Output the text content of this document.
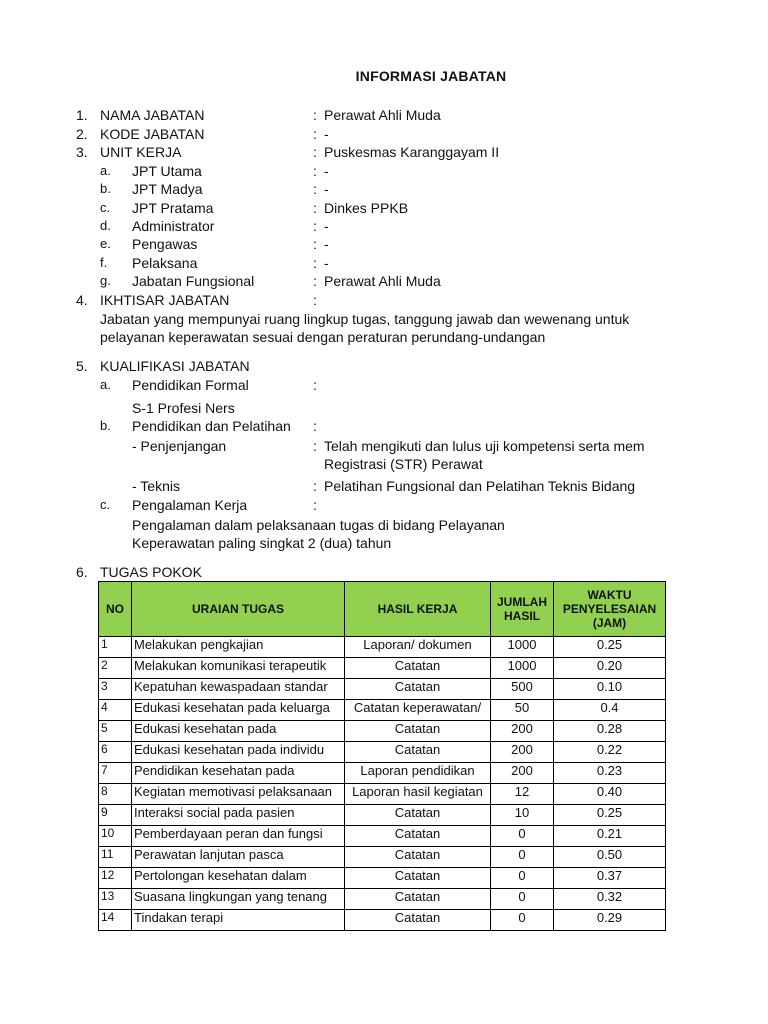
INFORMASI JABATAN
1. NAMA JABATAN	: Perawat Ahli Muda
2. KODE JABATAN	: -
3. UNIT KERJA	: Puskesmas Karanggayam II
a. JPT Utama	: -
b. JPT Madya	: -
c. JPT Pratama	: Dinkes PPKB
d. Administrator	: -
e. Pengawas	: -
f. Pelaksana	: -
g. Jabatan Fungsional	: Perawat Ahli Muda
4. IKHTISAR JABATAN	:
Jabatan yang mempunyai ruang lingkup tugas, tanggung jawab dan wewenang untuk
pelayanan keperawatan sesuai dengan peraturan perundang-undangan
5. KUALIFIKASI JABATAN
a. Pendidikan Formal	:
S-1 Profesi Ners
b. Pendidikan dan Pelatihan :
- Penjenjangan	: Telah mengikuti dan lulus uji kompetensi serta mem
Registrasi (STR) Perawat
- Teknis	: Pelatihan Fungsional dan Pelatihan Teknis Bidang
c. Pengalaman Kerja	:
Pengalaman dalam pelaksanaan tugas di bidang Pelayanan
Keperawatan paling singkat 2 (dua) tahun
6. TUGAS POKOK
NO	URAIAN TUGAS	HASIL KERJA	JUMLAH HASIL	WAKTU PENYELESAIAN (JAM)
1	Melakukan pengkajian	Laporan/ dokumen	1000	0.25
2	Melakukan komunikasi terapeutik	Catatan	1000	0.20
3	Kepatuhan kewaspadaan standar	Catatan	500	0.10
4	Edukasi kesehatan pada keluarga	Catatan keperawatan/	50	0.4
5	Edukasi kesehatan pada	Catatan	200	0.28
6	Edukasi kesehatan pada individu	Catatan	200	0.22
7	Pendidikan kesehatan pada	Laporan pendidikan	200	0.23
8	Kegiatan memotivasi pelaksanaan	Laporan hasil kegiatan	12	0.40
9	Interaksi social pada pasien	Catatan	10	0.25
10	Pemberdayaan peran dan fungsi	Catatan	0	0.21
11	Perawatan lanjutan pasca	Catatan	0	0.50
12	Pertolongan kesehatan dalam	Catatan	0	0.37
13	Suasana lingkungan yang tenang	Catatan	0	0.32
14	Tindakan terapi	Catatan	0	0.29
